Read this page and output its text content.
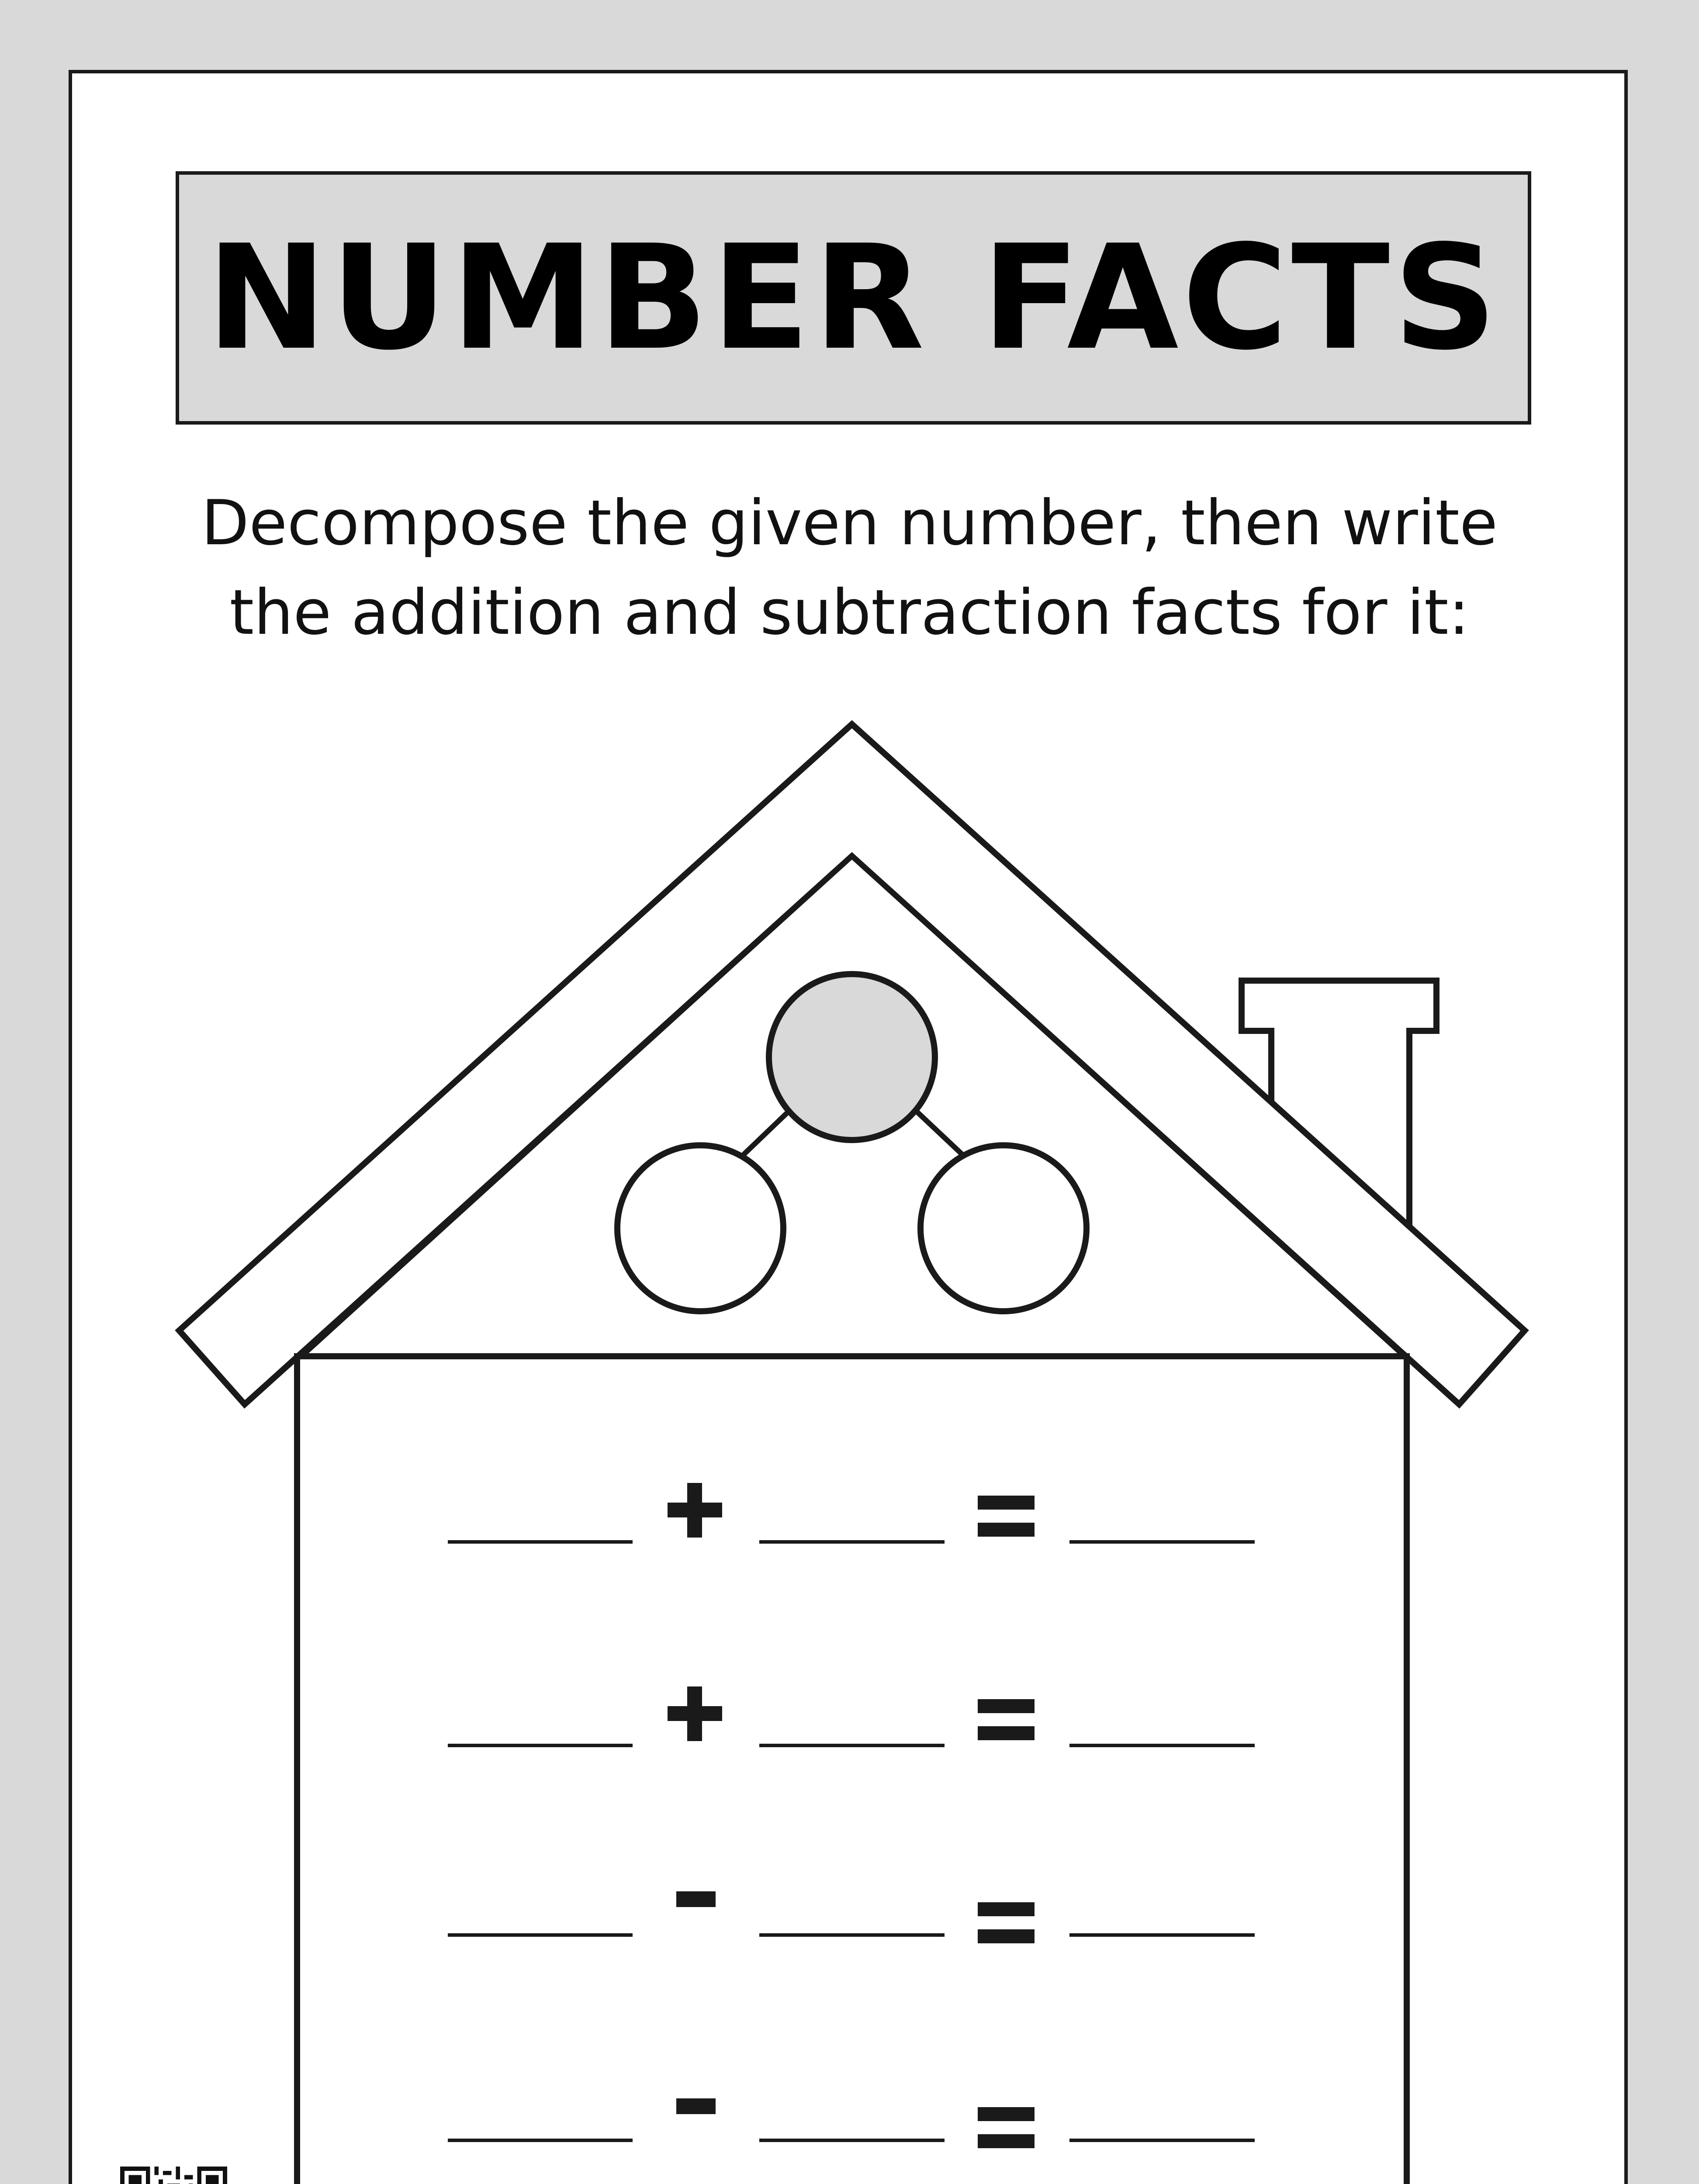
NUMBER FACTS
Decompose the given number, then write
the addition and subtraction facts for it:
